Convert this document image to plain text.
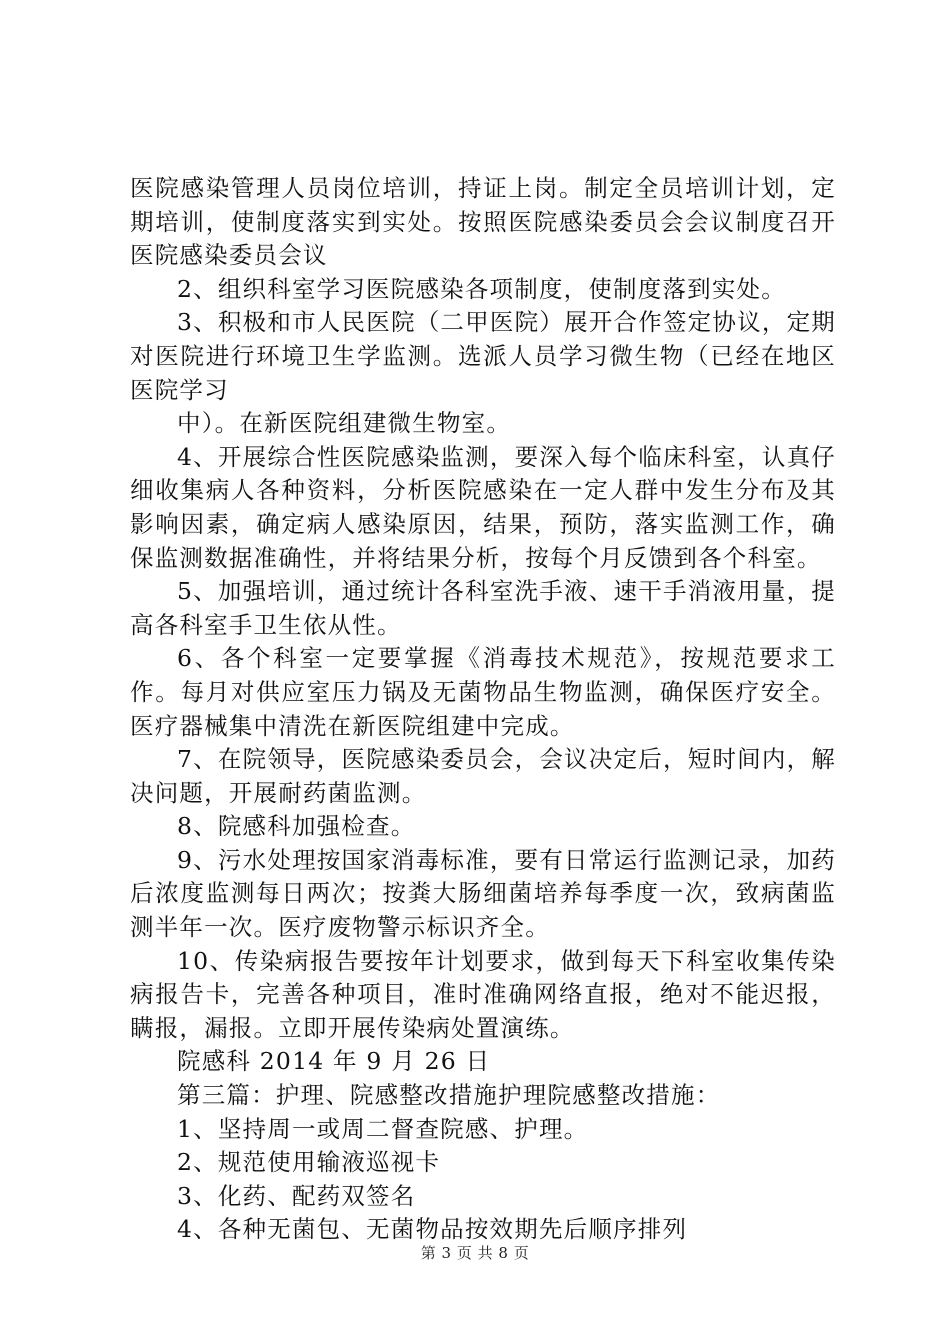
医院感染管理人员岗位培训，持证上岗。制定全员培训计划，定期培训，使制度落实到实处。按照医院感染委员会会议制度召开医院感染委员会议

2、组织科室学习医院感染各项制度，使制度落到实处。

3、积极和市人民医院（二甲医院）展开合作签定协议，定期对医院进行环境卫生学监测。选派人员学习微生物（已经在地区医院学习

中）。在新医院组建微生物室。

4、开展综合性医院感染监测，要深入每个临床科室，认真仔细收集病人各种资料，分析医院感染在一定人群中发生分布及其影响因素，确定病人感染原因，结果，预防，落实监测工作，确保监测数据准确性，并将结果分析，按每个月反馈到各个科室。

5、加强培训，通过统计各科室洗手液、速干手消液用量，提高各科室手卫生依从性。

6、各个科室一定要掌握《消毒技术规范》，按规范要求工作。每月对供应室压力锅及无菌物品生物监测，确保医疗安全。医疗器械集中清洗在新医院组建中完成。

7、在院领导，医院感染委员会，会议决定后，短时间内，解决问题，开展耐药菌监测。

8、院感科加强检查。

9、污水处理按国家消毒标准，要有日常运行监测记录，加药后浓度监测每日两次；按粪大肠细菌培养每季度一次，致病菌监测半年一次。医疗废物警示标识齐全。

10、传染病报告要按年计划要求，做到每天下科室收集传染病报告卡，完善各种项目，准时准确网络直报，绝对不能迟报，瞒报，漏报。立即开展传染病处置演练。

院感科 2014 年 9 月 26 日

第三篇：护理、院感整改措施护理院感整改措施：

1、坚持周一或周二督查院感、护理。

2、规范使用输液巡视卡

3、化药、配药双签名

4、各种无菌包、无菌物品按效期先后顺序排列

第 3 页 共 8 页
